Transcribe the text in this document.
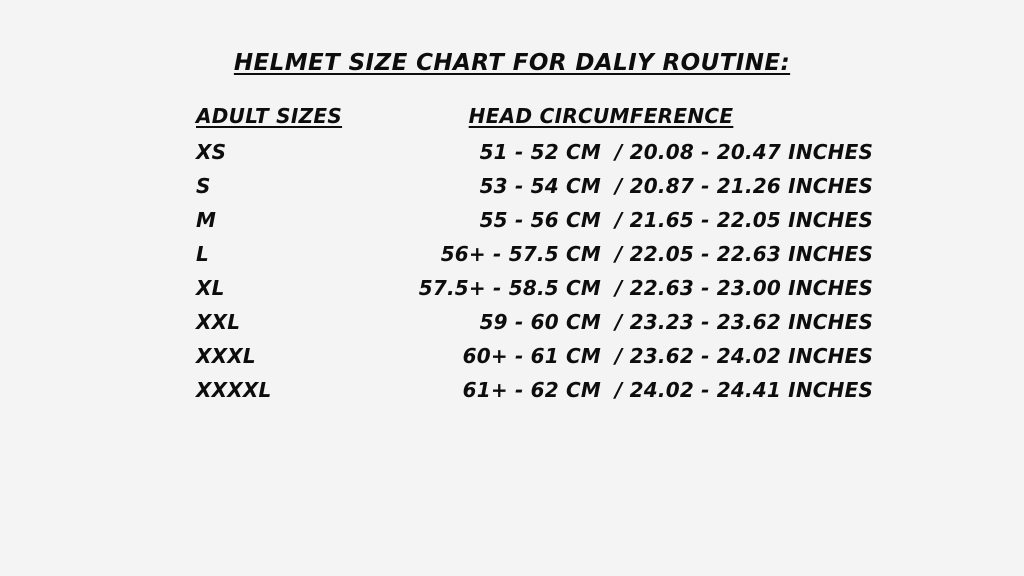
HELMET SIZE CHART FOR DALIY ROUTINE:
ADULT SIZES	HEAD CIRCUMFERENCE
XS	51 - 52 CM / 20.08 - 20.47 INCHES
S	53 - 54 CM / 20.87 - 21.26 INCHES
M	55 - 56 CM / 21.65 - 22.05 INCHES
L	56+ - 57.5 CM / 22.05 - 22.63 INCHES
XL	57.5+ - 58.5 CM / 22.63 - 23.00 INCHES
XXL	59 - 60 CM / 23.23 - 23.62 INCHES
XXXL	60+ - 61 CM / 23.62 - 24.02 INCHES
XXXXL	61+ - 62 CM / 24.02 - 24.41 INCHES
